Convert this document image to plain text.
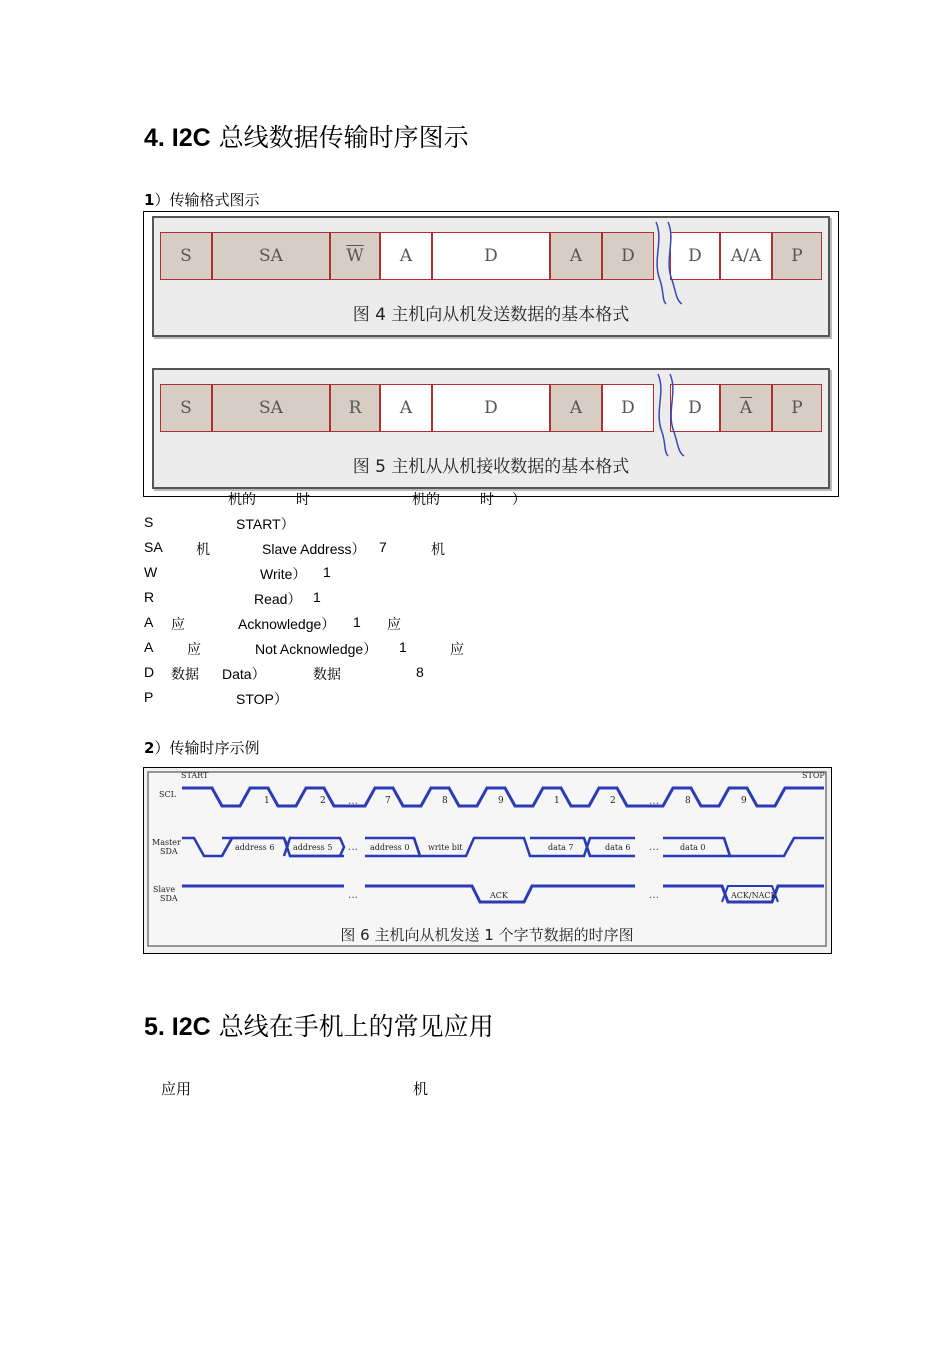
4. I2C 总线数据传输时序图示
1）传输格式图示
S	SA	$\overline{W}$	A	D	A	D	D	A/A	P
图 4 主机向从机发送数据的基本格式
S	SA	R	A	D	A	D	D	$\overline{A}$	P
图 5 主机从从机接收数据的基本格式
机的	时	机的	时 ）
S	START）
SA 机	Slave Address） 7	机
W	Write） 1
R	Read） 1
A 应	Acknowledge） 1 应
A 应	Not Acknowledge） 1	应
D 数据 Data）	数据	8
P	STOP）
2）传输时序示例
START	STOP
SCL
Master
SDA
Slave
SDA
1	2	7	8	9	1	2	8	9
…	…
address 6 address 5	address 0 write bit	data 7	data 6	data 0
…	…
ACK	ACK/NACK
…	…
图 6 主机向从机发送 1 个字节数据的时序图
5. I2C 总线在手机上的常见应用
应用	机
